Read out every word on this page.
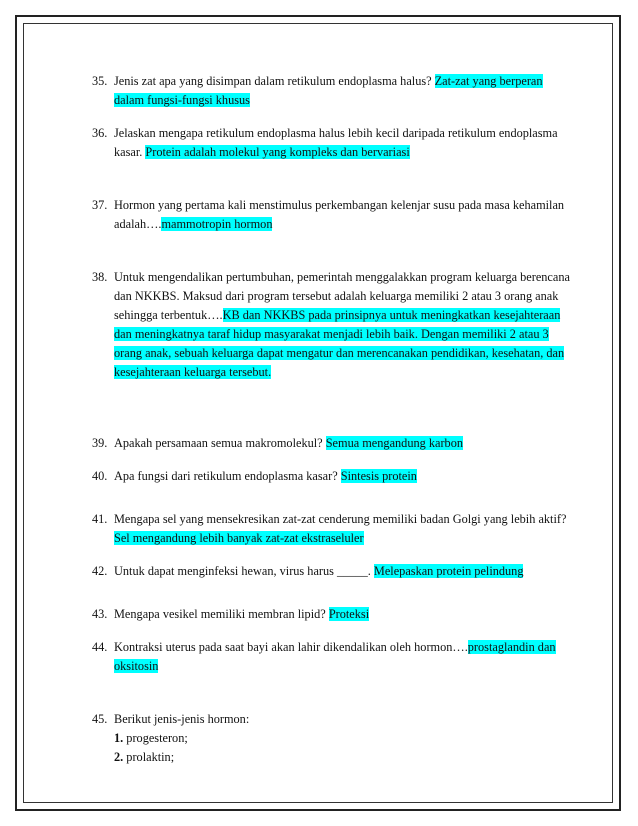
35. Jenis zat apa yang disimpan dalam retikulum endoplasma halus? Zat-zat yang berperan dalam fungsi-fungsi khusus
36. Jelaskan mengapa retikulum endoplasma halus lebih kecil daripada retikulum endoplasma kasar. Protein adalah molekul yang kompleks dan bervariasi
37. Hormon yang pertama kali menstimulus perkembangan kelenjar susu pada masa kehamilan adalah….mammotropin hormon
38. Untuk mengendalikan pertumbuhan, pemerintah menggalakkan program keluarga berencana dan NKKBS. Maksud dari program tersebut adalah keluarga memiliki 2 atau 3 orang anak sehingga terbentuk….KB dan NKKBS pada prinsipnya untuk meningkatkan kesejahteraan dan meningkatnya taraf hidup masyarakat menjadi lebih baik. Dengan memiliki 2 atau 3 orang anak, sebuah keluarga dapat mengatur dan merencanakan pendidikan, kesehatan, dan kesejahteraan keluarga tersebut.
39. Apakah persamaan semua makromolekul? Semua mengandung karbon
40. Apa fungsi dari retikulum endoplasma kasar? Sintesis protein
41. Mengapa sel yang mensekresikan zat-zat cenderung memiliki badan Golgi yang lebih aktif? Sel mengandung lebih banyak zat-zat ekstraseluler
42. Untuk dapat menginfeksi hewan, virus harus _____. Melepaskan protein pelindung
43. Mengapa vesikel memiliki membran lipid? Proteksi
44. Kontraksi uterus pada saat bayi akan lahir dikendalikan oleh hormon….prostaglandin dan oksitosin
45. Berikut jenis-jenis hormon:
1. progesteron;
2. prolaktin;
